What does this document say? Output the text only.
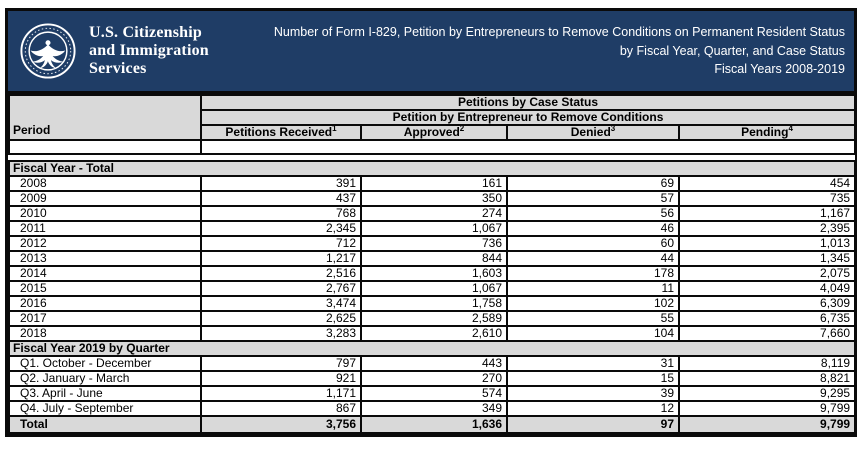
U.S. Citizenship
and Immigration
Services
Number of Form I-829, Petition by Entrepreneurs to Remove Conditions on Permanent Resident Status
by Fiscal Year, Quarter, and Case Status
Fiscal Years 2008-2019
Period	Petitions by Case Status			
	Petition by Entrepreneur to Remove Conditions			
	Petitions Received$^1$	Approved$^2$	Denied$^3$	Pending$^4$

Fiscal Year - Total				
2008	391	161	69	454
2009	437	350	57	735
2010	768	274	56	1,167
2011	2,345	1,067	46	2,395
2012	712	736	60	1,013
2013	1,217	844	44	1,345
2014	2,516	1,603	178	2,075
2015	2,767	1,067	11	4,049
2016	3,474	1,758	102	6,309
2017	2,625	2,589	55	6,735
2018	3,283	2,610	104	7,660
Fiscal Year 2019 by Quarter				
Q1. October - December	797	443	31	8,119
Q2. January - March	921	270	15	8,821
Q3. April - June	1,171	574	39	9,295
Q4. July - September	867	349	12	9,799
Total	3,756	1,636	97	9,799
